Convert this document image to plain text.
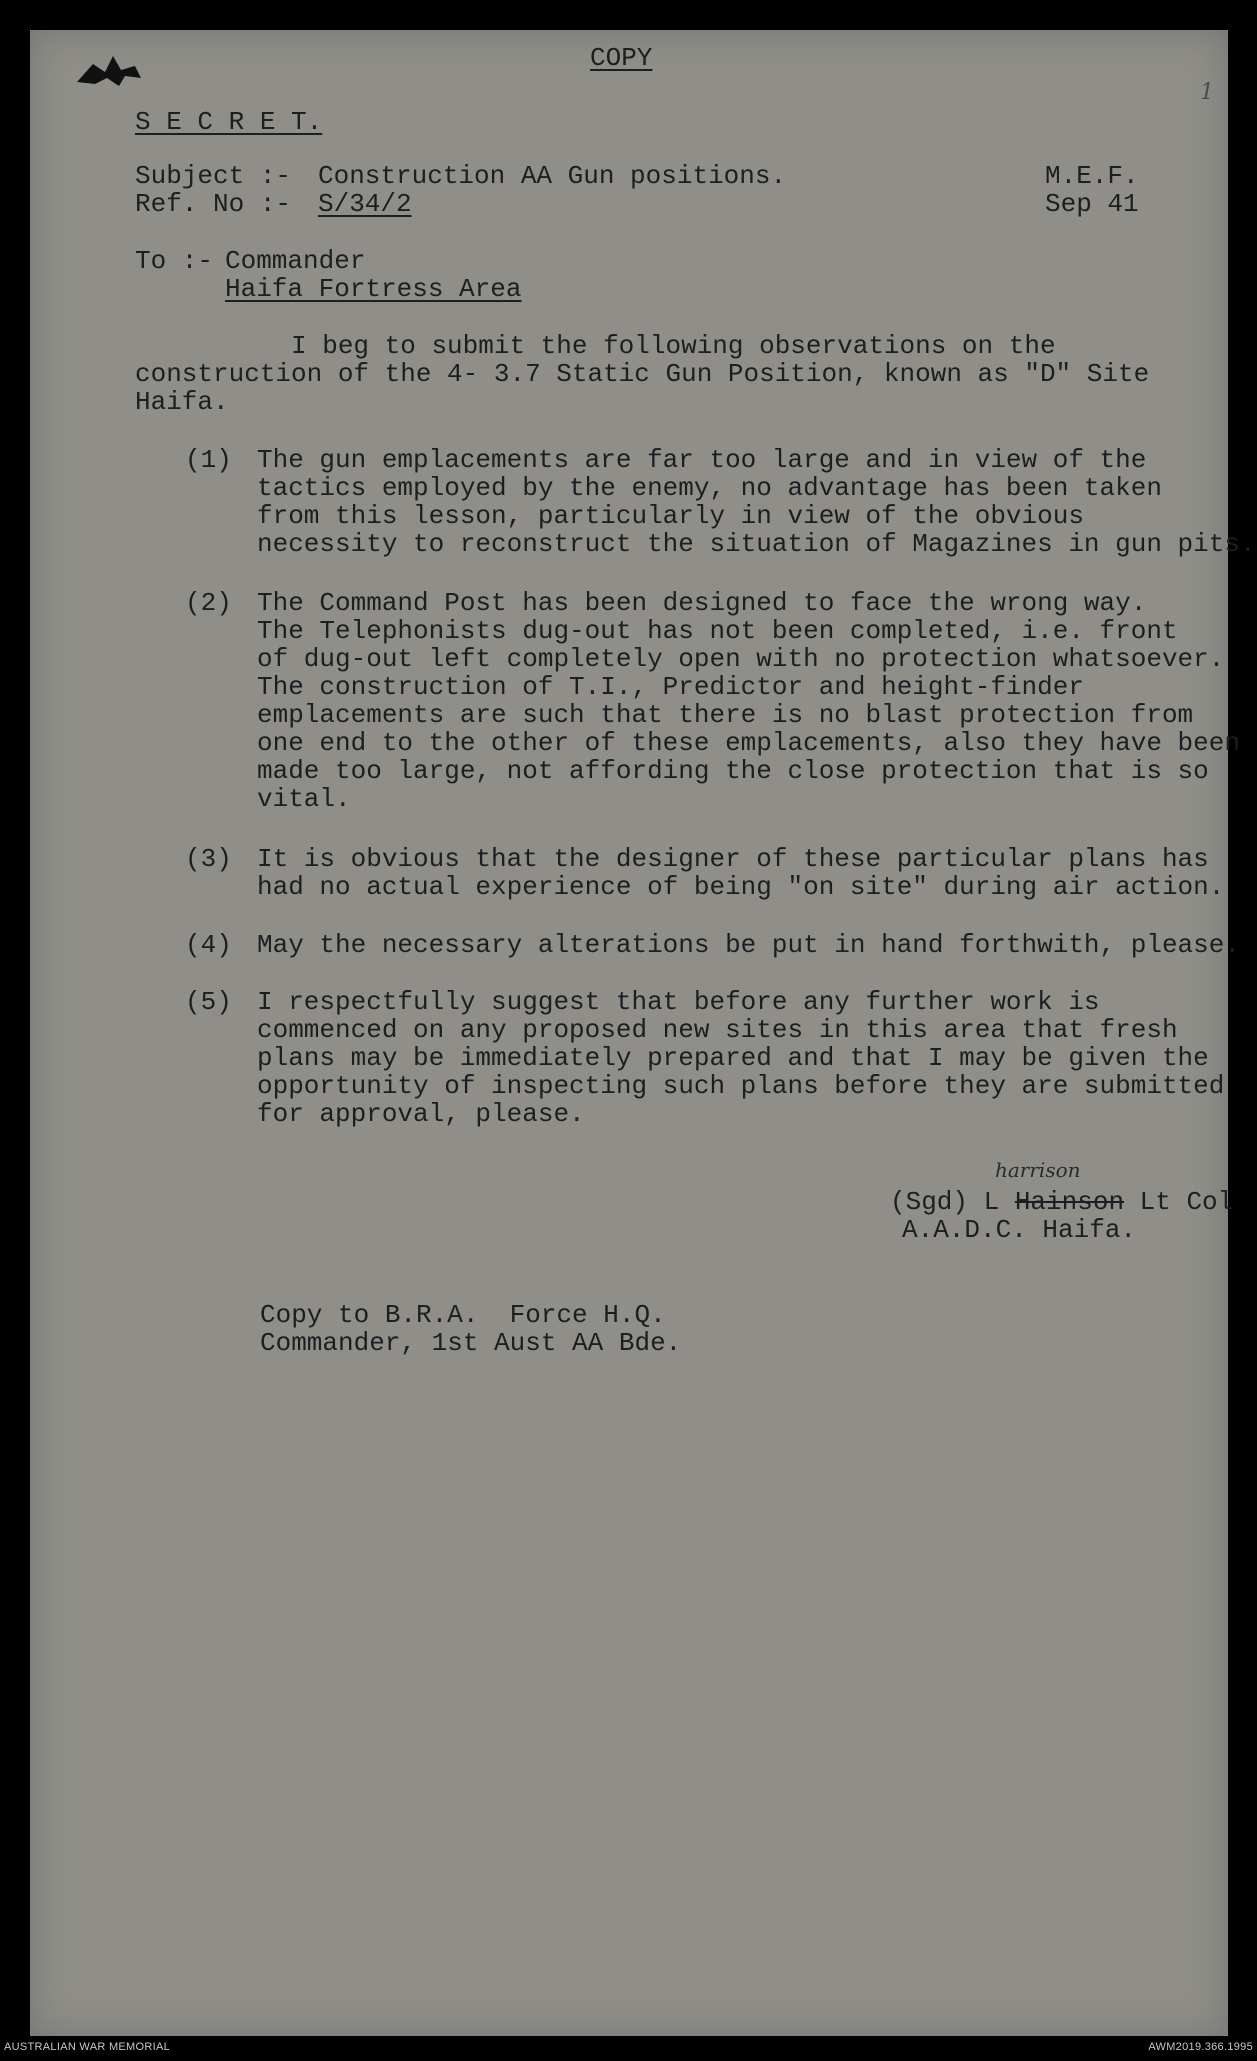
1
COPY
S E C R E T.
Subject :- Construction AA Gun positions.	M.E.F.
Ref. No :- S/34/2	Sep 41
To :- Commander
Haifa Fortress Area
I beg to submit the following observations on the
construction of the 4- 3.7 Static Gun Position, known as "D" Site
Haifa.
(1) The gun emplacements are far too large and in view of the
tactics employed by the enemy, no advantage has been taken
from this lesson, particularly in view of the obvious
necessity to reconstruct the situation of Magazines in gun pits.
(2) The Command Post has been designed to face the wrong way.
The Telephonists dug-out has not been completed, i.e. front
of dug-out left completely open with no protection whatsoever.
The construction of T.I., Predictor and height-finder
emplacements are such that there is no blast protection from
one end to the other of these emplacements, also they have been
made too large, not affording the close protection that is so
vital.
(3) It is obvious that the designer of these particular plans has
had no actual experience of being "on site" during air action.
(4) May the necessary alterations be put in hand forthwith, please.
(5) I respectfully suggest that before any further work is
commenced on any proposed new sites in this area that fresh
plans may be immediately prepared and that I may be given the
opportunity of inspecting such plans before they are submitted
for approval, please.
harrison
(Sgd) L Hainson Lt Col
A.A.D.C. Haifa.
Copy to B.R.A.  Force H.Q.
Commander, 1st Aust AA Bde.
AUSTRALIAN WAR MEMORIAL	AWM2019.366.1995
